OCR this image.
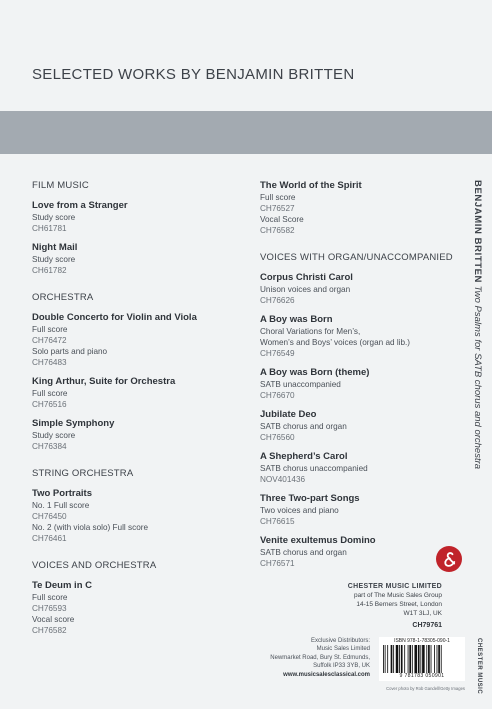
SELECTED WORKS BY BENJAMIN BRITTEN
FILM MUSIC
Love from a Stranger
Study score
CH61781
Night Mail
Study score
CH61782
ORCHESTRA
Double Concerto for Violin and Viola
Full score
CH76472
Solo parts and piano
CH76483
King Arthur, Suite for Orchestra
Full score
CH76516
Simple Symphony
Study score
CH76384
STRING ORCHESTRA
Two Portraits
No. 1 Full score
CH76450
No. 2 (with viola solo) Full score
CH76461
VOICES AND ORCHESTRA
Te Deum in C
Full score
CH76593
Vocal score
CH76582
The World of the Spirit
Full score
CH76527
Vocal Score
CH76582
VOICES WITH ORGAN/UNACCOMPANIED
Corpus Christi Carol
Unison voices and organ
CH76626
A Boy was Born
Choral Variations for Men’s,
Women’s and Boys’ voices (organ ad lib.)
CH76549
A Boy was Born (theme)
SATB unaccompanied
CH76670
Jubilate Deo
SATB chorus and organ
CH76560
A Shepherd’s Carol
SATB chorus unaccompanied
NOV401436
Three Two-part Songs
Two voices and piano
CH76615
Venite exultemus Domino
SATB chorus and organ
CH76571
BENJAMIN BRITTEN Two Psalms for SATB chorus and orchestra
CHESTER MUSIC
CHESTER MUSIC LIMITED
part of The Music Sales Group
14-15 Berners Street, London
W1T 3LJ, UK
CH79761
Exclusive Distributors:
Music Sales Limited
Newmarket Road, Bury St. Edmunds,
Suffolk IP33 3YB, UK
www.musicsalesclassical.com
ISBN 978-1-78305-090-1
9 781783 050901
Cover photo by Rob Gandell/Getty Images
